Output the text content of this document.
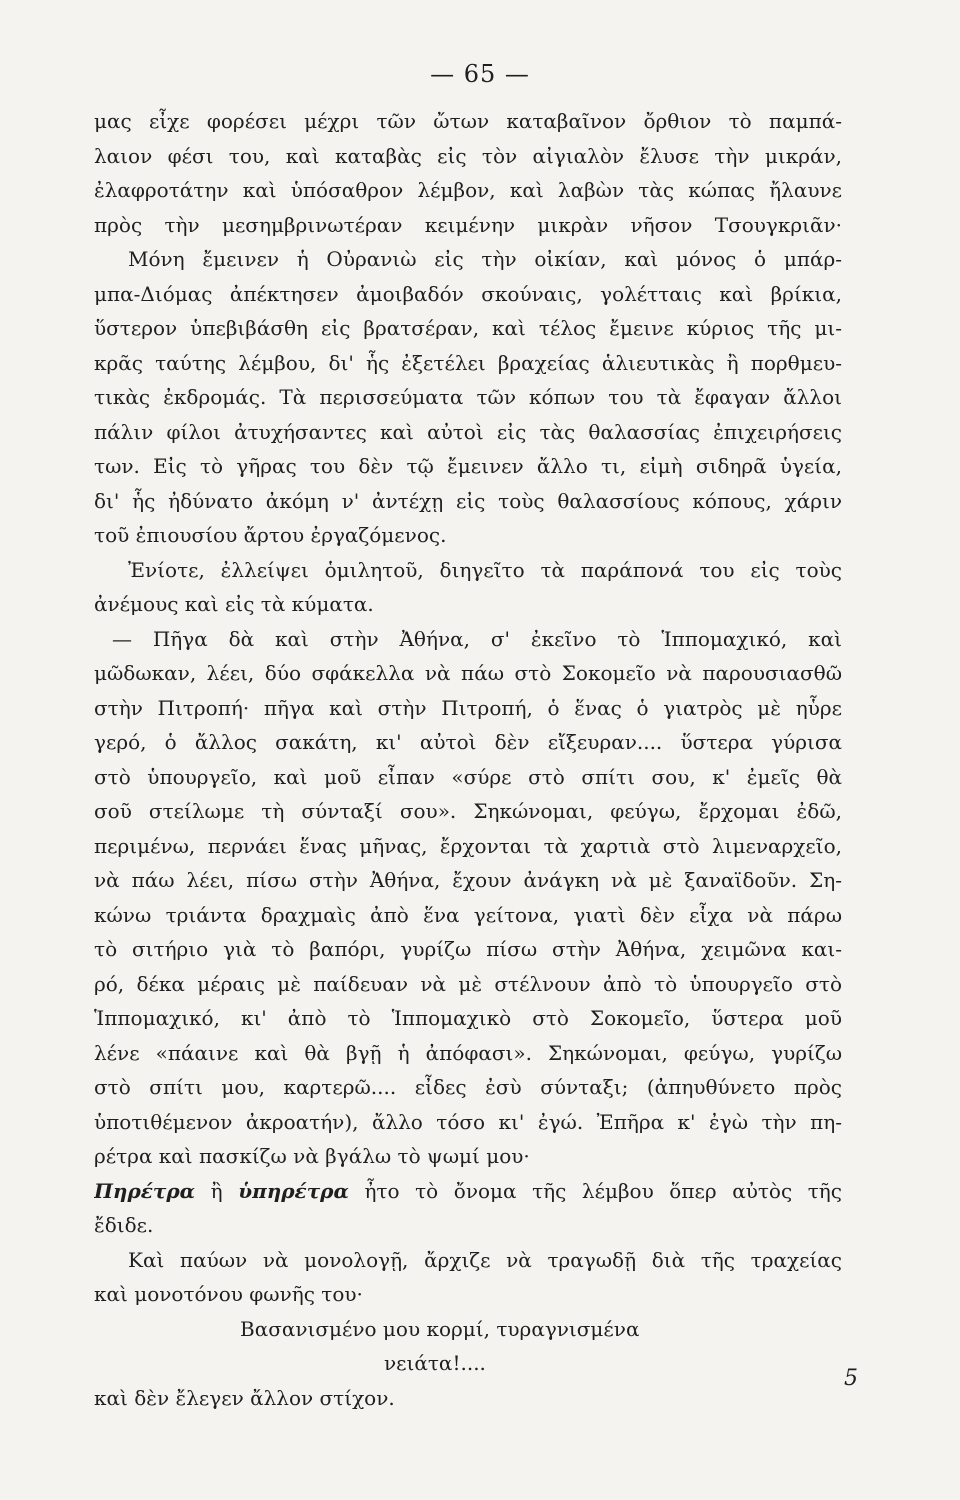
— 65 —
μας εἶχε φορέσει μέχρι τῶν ὤτων καταβαῖνον ὄρθιον τὸ παμπά-
λαιον φέσι του, καὶ καταβὰς εἰς τὸν αἰγιαλὸν ἔλυσε τὴν μικράν,
ἐλαφροτάτην καὶ ὑπόσαθρον λέμβον, καὶ λαβὼν τὰς κώπας ἤλαυνε
πρὸς τὴν μεσημβρινωτέραν κειμένην μικρὰν νῆσον Τσουγκριᾶν·
Μόνη ἔμεινεν ἡ Οὐρανιὼ εἰς τὴν οἰκίαν, καὶ μόνος ὁ μπάρ-
μπα-Διόμας ἀπέκτησεν ἀμοιβαδόν σκούναις, γολέτταις καὶ βρίκια,
ὕστερον ὑπεβιβάσθη εἰς βρατσέραν, καὶ τέλος ἔμεινε κύριος τῆς μι-
κρᾶς ταύτης λέμβου, δι' ἧς ἐξετέλει βραχείας ἁλιευτικὰς ἢ πορθμευ-
τικὰς ἐκδρομάς. Τὰ περισσεύματα τῶν κόπων του τὰ ἔφαγαν ἄλλοι
πάλιν φίλοι ἀτυχήσαντες καὶ αὐτοὶ εἰς τὰς θαλασσίας ἐπιχειρήσεις
των. Εἰς τὸ γῆρας του δὲν τῷ ἔμεινεν ἄλλο τι, εἰμὴ σιδηρᾶ ὑγεία,
δι' ἧς ἠδύνατο ἀκόμη ν' ἀντέχῃ εἰς τοὺς θαλασσίους κόπους, χάριν
τοῦ ἐπιουσίου ἄρτου ἐργαζόμενος.
Ἐνίοτε, ἐλλείψει ὁμιλητοῦ, διηγεῖτο τὰ παράπονά του εἰς τοὺς
ἀνέμους καὶ εἰς τὰ κύματα.
— Πῆγα δὰ καὶ στὴν Ἀθήνα, σ' ἐκεῖνο τὸ Ἱππομαχικό, καὶ
μῶδωκαν, λέει, δύο σφάκελλα νὰ πάω στὸ Σοκομεῖο νὰ παρουσιασθῶ
στὴν Πιτροπή· πῆγα καὶ στὴν Πιτροπή, ὁ ἕνας ὁ γιατρὸς μὲ ηὗρε
γερό, ὁ ἄλλος σακάτη, κι' αὐτοὶ δὲν εἴξευραν.... ὕστερα γύρισα
στὸ ὑπουργεῖο, καὶ μοῦ εἶπαν «σύρε στὸ σπίτι σου, κ' ἐμεῖς θὰ
σοῦ στείλωμε τὴ σύνταξί σου». Σηκώνομαι, φεύγω, ἔρχομαι ἐδῶ,
περιμένω, περνάει ἕνας μῆνας, ἔρχονται τὰ χαρτιὰ στὸ λιμεναρχεῖο,
νὰ πάω λέει, πίσω στὴν Ἀθήνα, ἔχουν ἀνάγκη νὰ μὲ ξαναϊδοῦν. Ση-
κώνω τριάντα δραχμαὶς ἀπὸ ἕνα γείτονα, γιατὶ δὲν εἶχα νὰ πάρω
τὸ σιτήριο γιὰ τὸ βαπόρι, γυρίζω πίσω στὴν Ἀθήνα, χειμῶνα και-
ρό, δέκα μέραις μὲ παίδευαν νὰ μὲ στέλνουν ἀπὸ τὸ ὑπουργεῖο στὸ
Ἱππομαχικό, κι' ἀπὸ τὸ Ἱππομαχικὸ στὸ Σοκομεῖο, ὕστερα μοῦ
λένε «πάαινε καὶ θὰ βγῇ ἡ ἀπόφασι». Σηκώνομαι, φεύγω, γυρίζω
στὸ σπίτι μου, καρτερῶ.... εἶδες ἐσὺ σύνταξι; (ἀπηυθύνετο πρὸς
ὑποτιθέμενον ἀκροατήν), ἄλλο τόσο κι' ἐγώ. Ἐπῆρα κ' ἐγὼ τὴν πη-
ρέτρα καὶ πασκίζω νὰ βγάλω τὸ ψωμί μου·
Πηρέτρα ἢ ὑπηρέτρα ἦτο τὸ ὄνομα τῆς λέμβου ὅπερ αὐτὸς τῆς
ἔδιδε.
Καὶ παύων νὰ μονολογῇ, ἄρχιζε νὰ τραγωδῇ διὰ τῆς τραχείας
καὶ μονοτόνου φωνῆς του·
Βασανισμένο μου κορμί, τυραγνισμένα
νειάτα!....
καὶ δὲν ἔλεγεν ἄλλον στίχον.
5
